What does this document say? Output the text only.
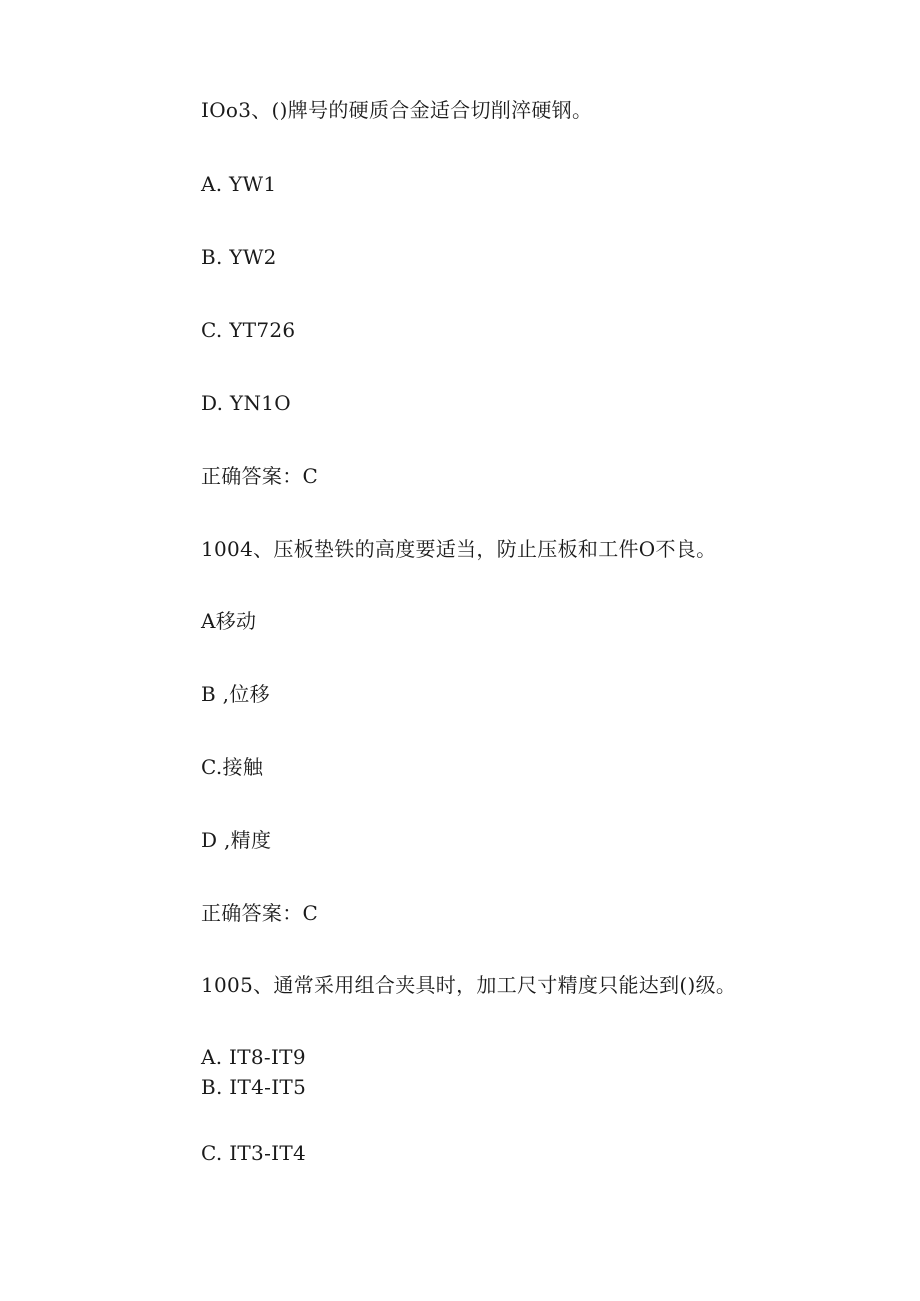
IOo3、()牌号的硬质合金适合切削淬硬钢。
A. YW1
B. YW2
C. YT726
D. YN1O
正确答案：C
1004、压板垫铁的高度要适当，防止压板和工件O不良。
A移动
B ,位移
C.接触
D ,精度
正确答案：C
1005、通常采用组合夹具时，加工尺寸精度只能达到()级。
A. IT8-IT9
B. IT4-IT5
C. IT3-IT4
